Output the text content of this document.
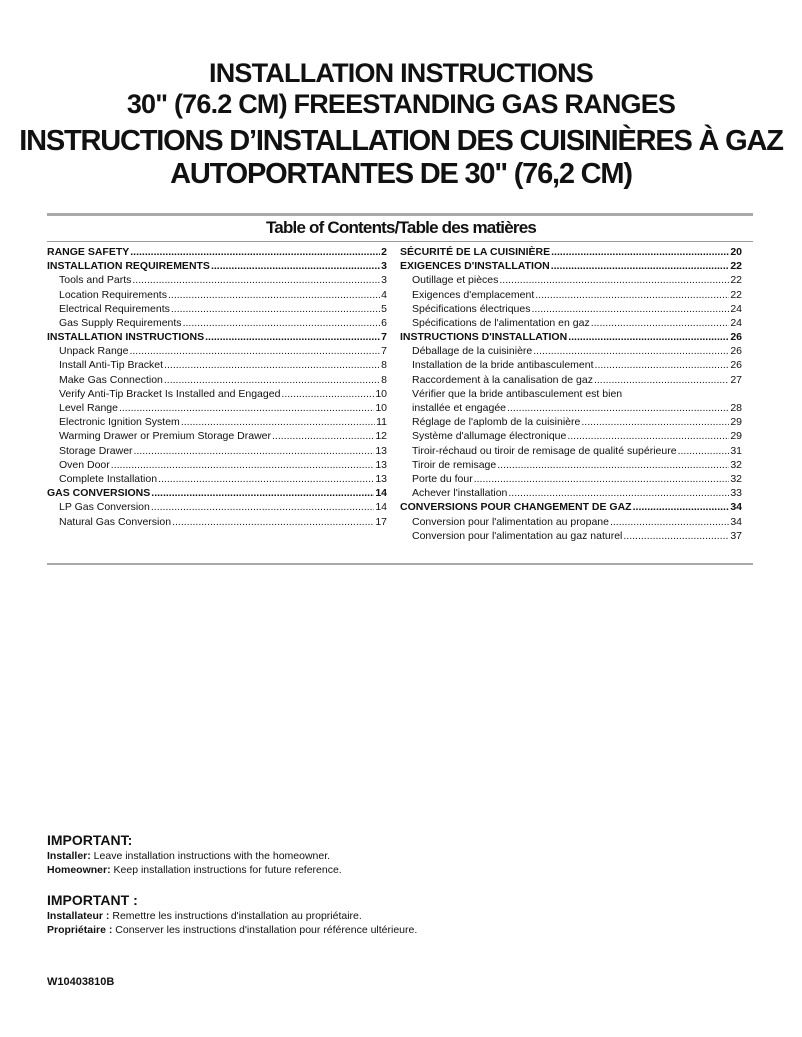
INSTALLATION INSTRUCTIONS
30" (76.2 CM) FREESTANDING GAS RANGES
INSTRUCTIONS D’INSTALLATION DES CUISINIÈRES À GAZ
AUTOPORTANTES DE 30" (76,2 CM)
Table of Contents/Table des matières
RANGE SAFETY .....	2
INSTALLATION REQUIREMENTS .....	3
Tools and Parts .....	3
Location Requirements .....	4
Electrical Requirements .....	5
Gas Supply Requirements .....	6
INSTALLATION INSTRUCTIONS .....	7
Unpack Range .....	7
Install Anti-Tip Bracket .....	8
Make Gas Connection .....	8
Verify Anti-Tip Bracket Is Installed and Engaged .....	10
Level Range .....	10
Electronic Ignition System .....	11
Warming Drawer or Premium Storage Drawer .....	12
Storage Drawer .....	13
Oven Door .....	13
Complete Installation .....	13
GAS CONVERSIONS .....	14
LP Gas Conversion .....	14
Natural Gas Conversion .....	17
SÉCURITÉ DE LA CUISINIÈRE .....	20
EXIGENCES D'INSTALLATION .....	22
Outillage et pièces .....	22
Exigences d'emplacement .....	22
Spécifications électriques .....	24
Spécifications de l'alimentation en gaz .....	24
INSTRUCTIONS D'INSTALLATION .....	26
Déballage de la cuisinière .....	26
Installation de la bride antibasculement .....	26
Raccordement à la canalisation de gaz .....	27
Vérifier que la bride antibasculement est bien
installée et engagée .....	28
Réglage de l'aplomb de la cuisinière .....	29
Système d'allumage électronique .....	29
Tiroir-réchaud ou tiroir de remisage de qualité supérieure .....	31
Tiroir de remisage .....	32
Porte du four .....	32
Achever l'installation .....	33
CONVERSIONS POUR CHANGEMENT DE GAZ .....	34
Conversion pour l'alimentation au propane .....	34
Conversion pour l'alimentation au gaz naturel .....	37
IMPORTANT:
Installer: Leave installation instructions with the homeowner.
Homeowner: Keep installation instructions for future reference.
IMPORTANT :
Installateur : Remettre les instructions d'installation au propriétaire.
Propriétaire : Conserver les instructions d'installation pour référence ultérieure.
W10403810B
